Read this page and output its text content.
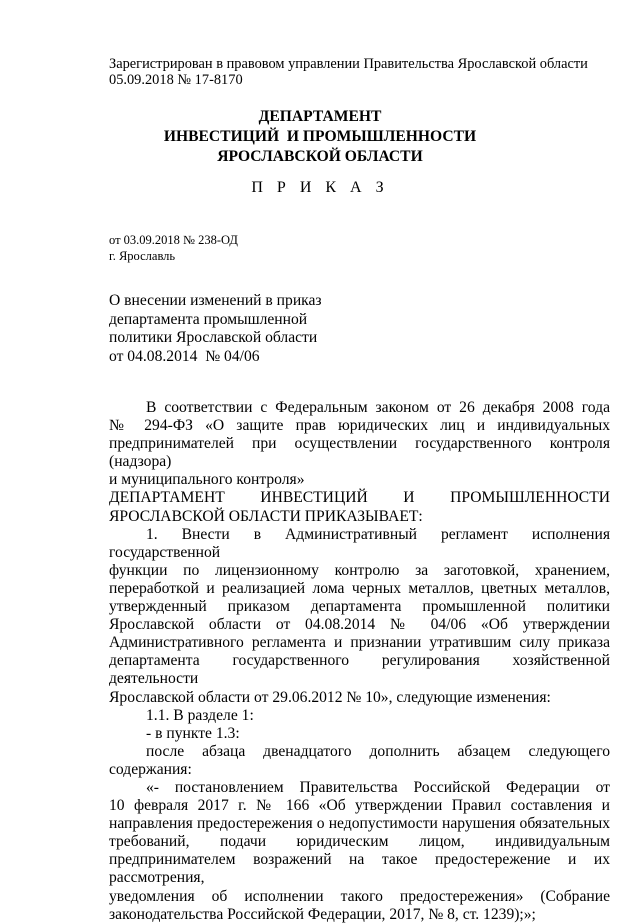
Зарегистрирован в правовом управлении Правительства Ярославской области
05.09.2018 № 17-8170
ДЕПАРТАМЕНТ
ИНВЕСТИЦИЙ  И ПРОМЫШЛЕННОСТИ
ЯРОСЛАВСКОЙ ОБЛАСТИ
П Р И К А З
от 03.09.2018 № 238-ОД
г. Ярославль
О внесении изменений в приказ
департамента промышленной
политики Ярославской области
от 04.08.2014  № 04/06

В соответствии с Федеральным законом от 26 декабря 2008 года

№ 294-ФЗ «О защите прав юридических лиц и индивидуальных

предпринимателей при осуществлении государственного контроля (надзора)

и муниципального контроля»

ДЕПАРТАМЕНТ ИНВЕСТИЦИЙ И ПРОМЫШЛЕННОСТИ

ЯРОСЛАВСКОЙ ОБЛАСТИ ПРИКАЗЫВАЕТ:

1. Внести в Административный регламент исполнения государственной

функции по лицензионному контролю за заготовкой, хранением,

переработкой и реализацией лома черных металлов, цветных металлов,

утвержденный приказом департамента промышленной политики

Ярославской области от 04.08.2014 № 04/06 «Об утверждении

Административного регламента и признании утратившим силу приказа

департамента государственного регулирования хозяйственной деятельности

Ярославской области от 29.06.2012 № 10», следующие изменения:

1.1. В разделе 1:

- в пункте 1.3:

после абзаца двенадцатого дополнить абзацем следующего

содержания:

«- постановлением Правительства Российской Федерации от

10 февраля 2017 г. № 166 «Об утверждении Правил составления и

направления предостережения о недопустимости нарушения обязательных

требований, подачи юридическим лицом, индивидуальным

предпринимателем возражений на такое предостережение и их рассмотрения,

уведомления об исполнении такого предостережения» (Собрание

законодательства Российской Федерации, 2017, № 8, ст. 1239);»;
